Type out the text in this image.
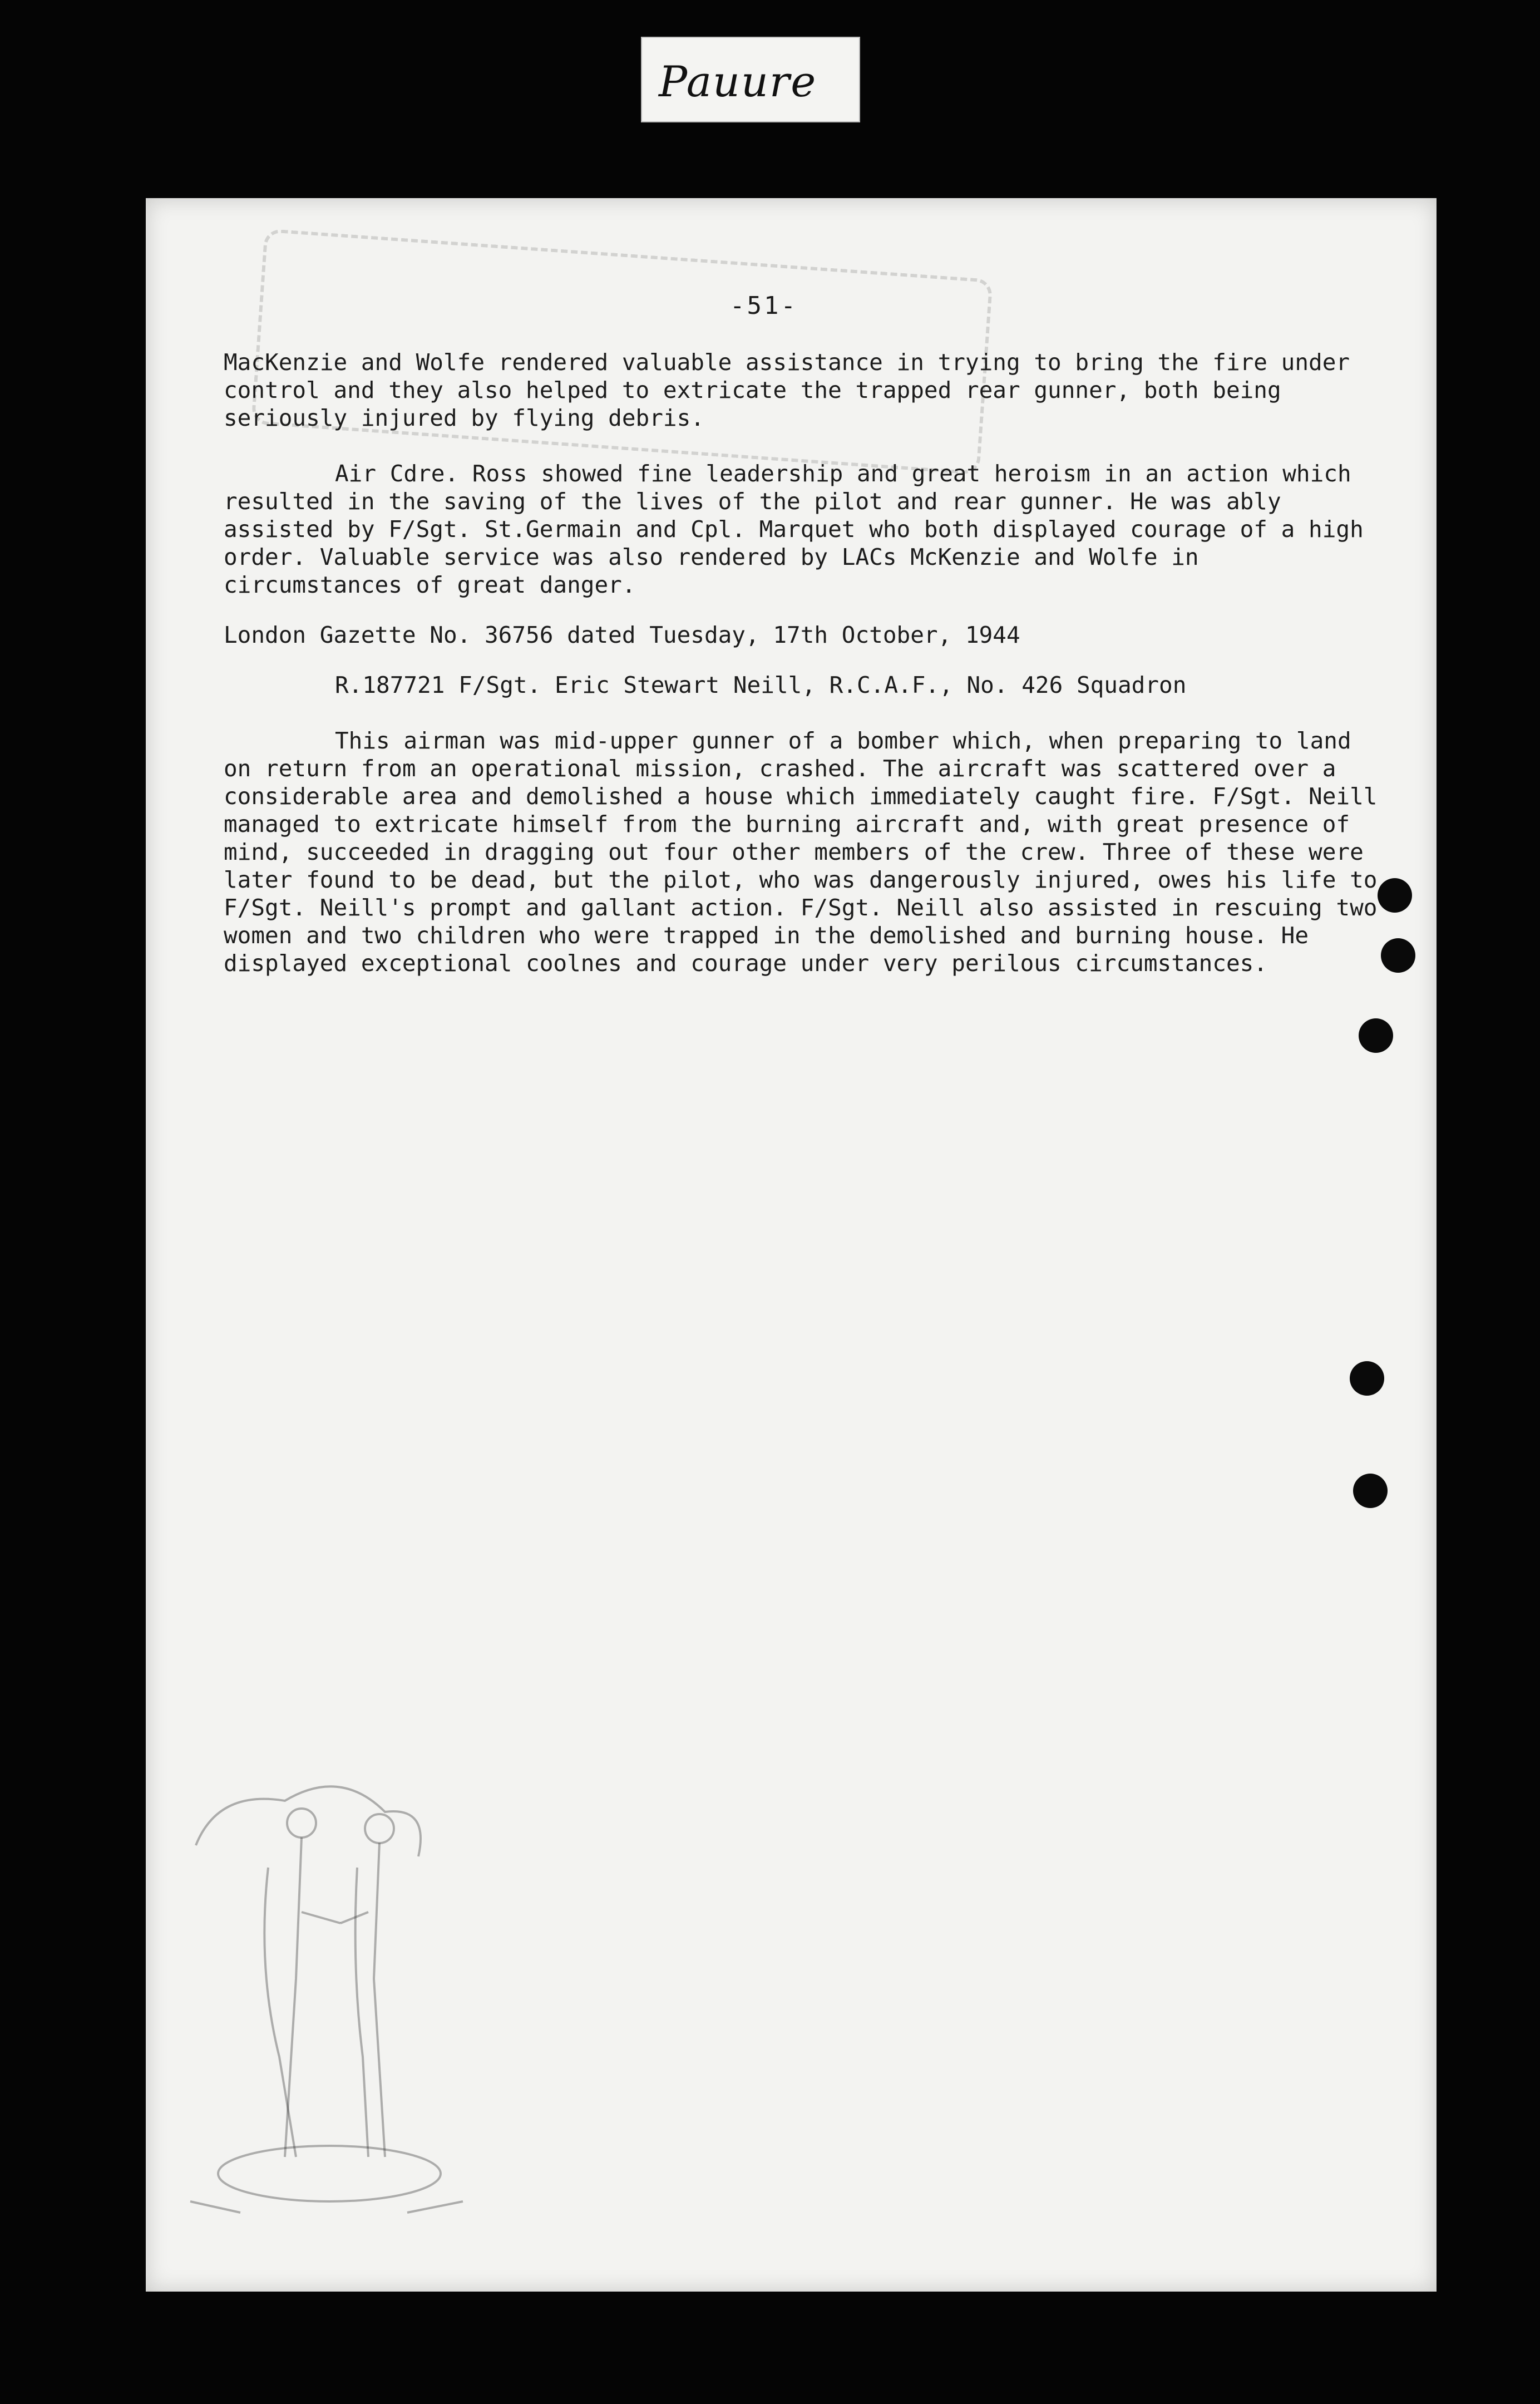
Pauure
-51-

MacKenzie and Wolfe rendered valuable assistance in trying to bring the fire under control and they also helped to extricate the trapped rear gunner, both being seriously injured by flying debris.

Air Cdre. Ross showed fine leadership and great heroism in an action which resulted in the saving of the lives of the pilot and rear gunner. He was ably assisted by F/Sgt. St.Germain and Cpl. Marquet who both displayed courage of a high order. Valuable service was also rendered by LACs McKenzie and Wolfe in circumstances of great danger.

London Gazette No. 36756 dated Tuesday, 17th October, 1944

R.187721 F/Sgt. Eric Stewart Neill, R.C.A.F., No. 426 Squadron

This airman was mid-upper gunner of a bomber which, when preparing to land on return from an operational mission, crashed. The aircraft was scattered over a considerable area and demolished a house which immediately caught fire. F/Sgt. Neill managed to extricate himself from the burning aircraft and, with great presence of mind, succeeded in dragging out four other members of the crew. Three of these were later found to be dead, but the pilot, who was dangerously injured, owes his life to F/Sgt. Neill's prompt and gallant action. F/Sgt. Neill also assisted in rescuing two women and two children who were trapped in the demolished and burning house. He displayed exceptional coolnes and courage under very perilous circumstances.
